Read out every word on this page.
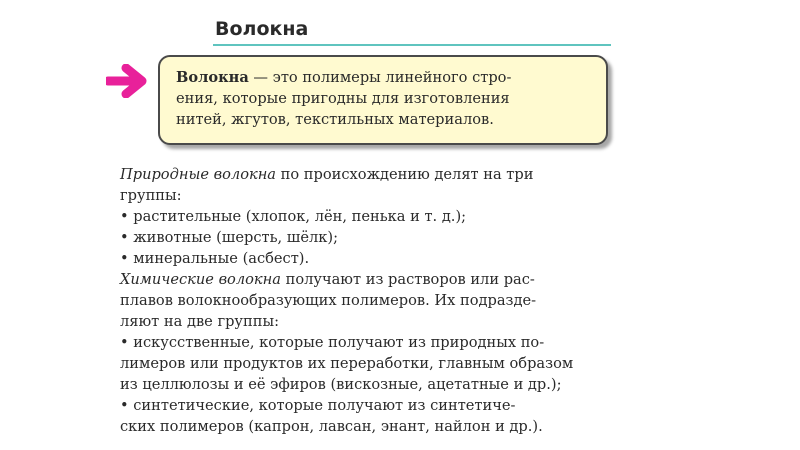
Волокна
Волокна — это полимеры линейного стро-
ения, которые пригодны для изготовления
нитей, жгутов, текстильных материалов.
Природные волокна по происхождению делят на три
группы:
• растительные (хлопок, лён, пенька и т. д.);
• животные (шерсть, шёлк);
• минеральные (асбест).
Химические волокна получают из растворов или рас-
плавов волокнообразующих полимеров. Их подразде-
ляют на две группы:
• искусственные, которые получают из природных по-
лимеров или продуктов их переработки, главным образом
из целлюлозы и её эфиров (вискозные, ацетатные и др.);
• синтетические, которые получают из синтетиче-
ских полимеров (капрон, лавсан, энант, найлон и др.).
